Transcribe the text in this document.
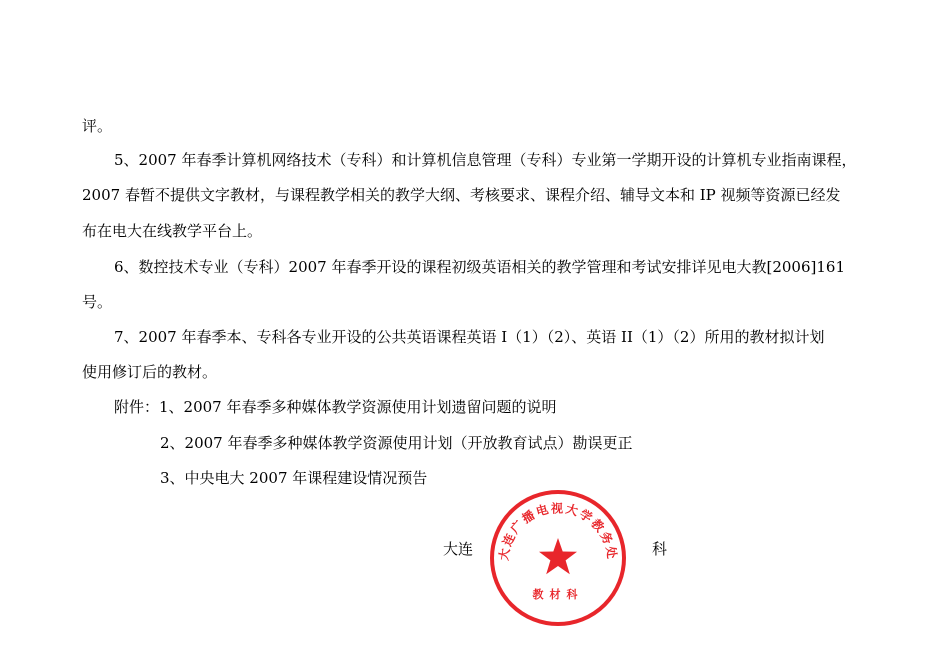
评。
5、2007 年春季计算机网络技术（专科）和计算机信息管理（专科）专业第一学期开设的计算机专业指南课程，
2007 春暂不提供文字教材，与课程教学相关的教学大纲、考核要求、课程介绍、辅导文本和 IP 视频等资源已经发
布在电大在线教学平台上。
6、数控技术专业（专科）2007 年春季开设的课程初级英语相关的教学管理和考试安排详见电大教[2006]161
号。
7、2007 年春季本、专科各专业开设的公共英语课程英语 I（1）（2）、英语 II（1）（2）所用的教材拟计划
使用修订后的教材。
附件：1、2007 年春季多种媒体教学资源使用计划遗留问题的说明
2、2007 年春季多种媒体教学资源使用计划（开放教育试点）勘误更正
3、中央电大 2007 年课程建设情况预告
大连	科
大连广播电视大学教务处
教材科
